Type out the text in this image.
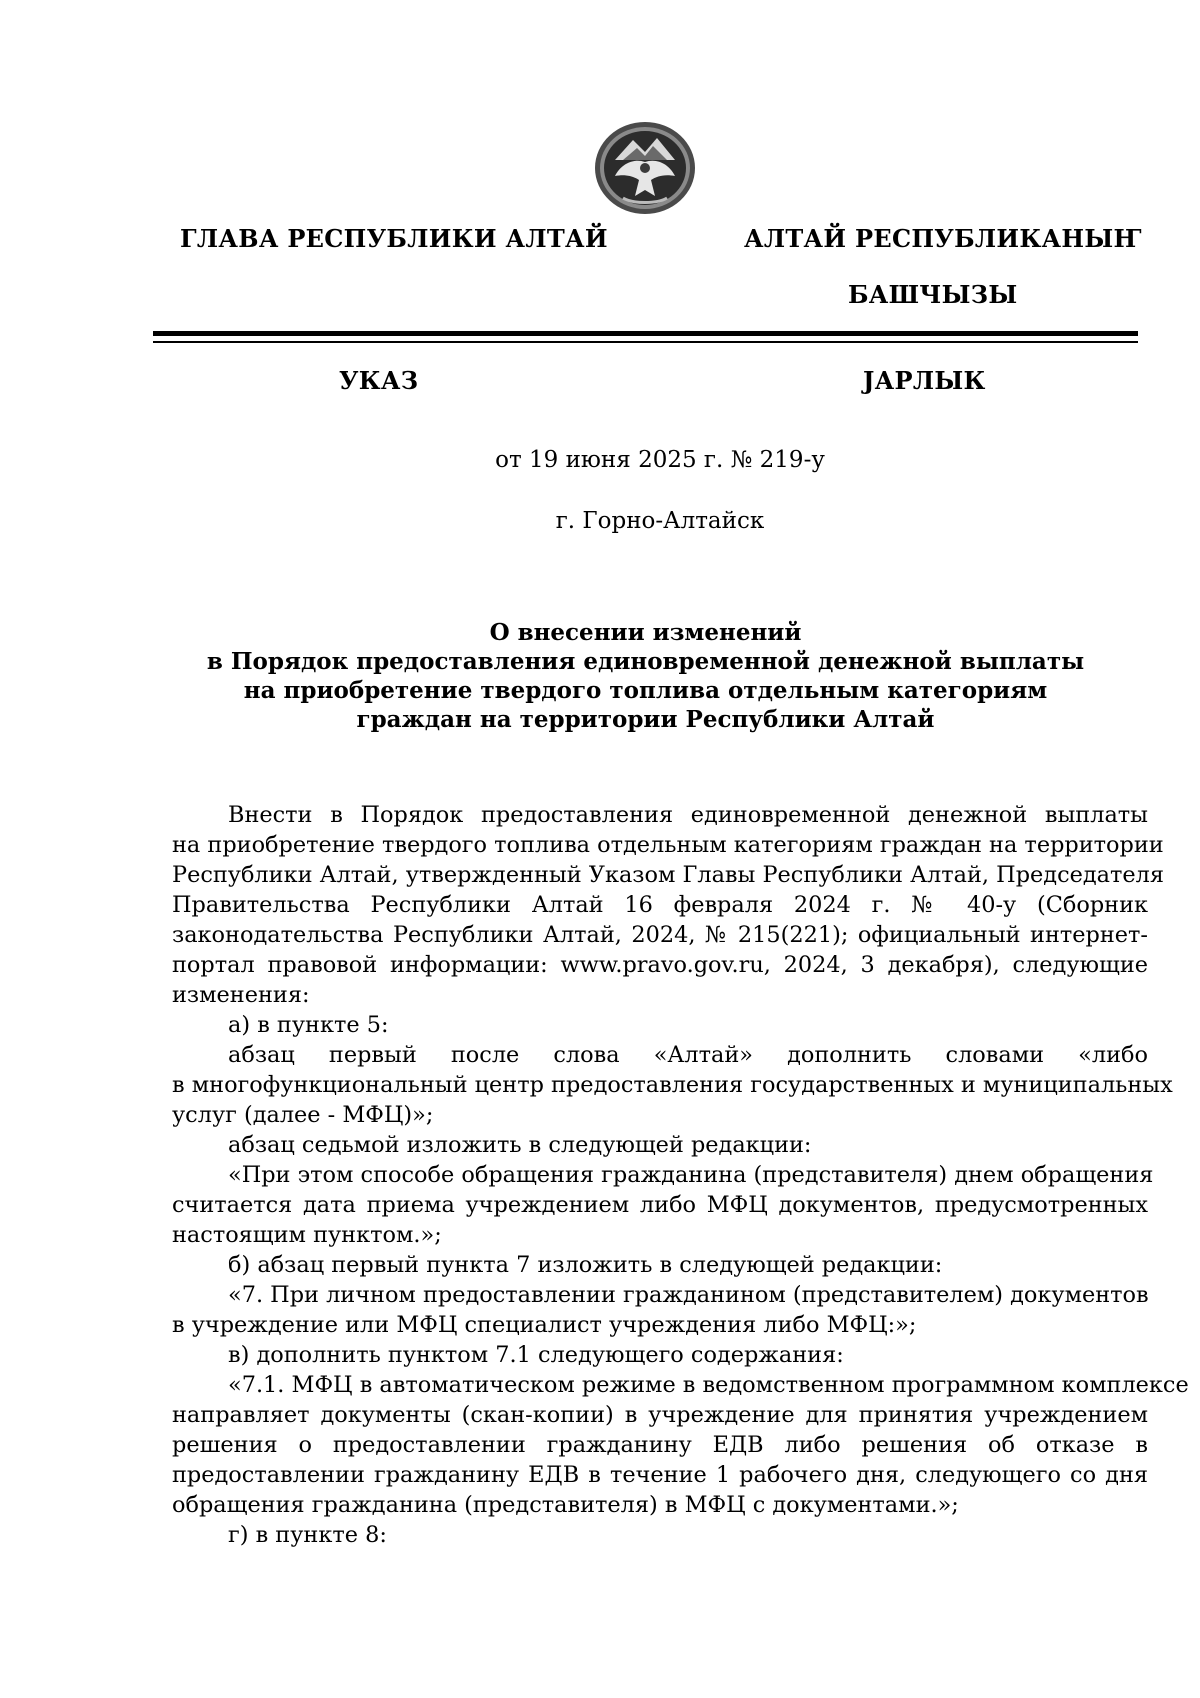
ГЛАВА РЕСПУБЛИКИ АЛТАЙ	АЛТАЙ РЕСПУБЛИКАНЫҤ
БАШЧЫЗЫ
УКАЗ	ЈАРЛЫК
от 19 июня 2025 г. № 219-у
г. Горно-Алтайск
О внесении изменений
в Порядок предоставления единовременной денежной выплаты
на приобретение твердого топлива отдельным категориям
граждан на территории Республики Алтай
Внести в Порядок предоставления единовременной денежной выплаты
на приобретение твердого топлива отдельным категориям граждан на территории
Республики Алтай, утвержденный Указом Главы Республики Алтай, Председателя
Правительства Республики Алтай 16 февраля 2024 г. № 40-у (Сборник
законодательства Республики Алтай, 2024, № 215(221); официальный интернет-
портал правовой информации: www.pravo.gov.ru, 2024, 3 декабря), следующие
изменения:
а) в пункте 5:
абзац первый после слова «Алтай» дополнить словами «либо
в многофункциональный центр предоставления государственных и муниципальных
услуг (далее - МФЦ)»;
абзац седьмой изложить в следующей редакции:
«При этом способе обращения гражданина (представителя) днем обращения
считается дата приема учреждением либо МФЦ документов, предусмотренных
настоящим пунктом.»;
б) абзац первый пункта 7 изложить в следующей редакции:
«7. При личном предоставлении гражданином (представителем) документов
в учреждение или МФЦ специалист учреждения либо МФЦ:»;
в) дополнить пунктом 7.1 следующего содержания:
«7.1. МФЦ в автоматическом режиме в ведомственном программном комплексе
направляет документы (скан-копии) в учреждение для принятия учреждением
решения о предоставлении гражданину ЕДВ либо решения об отказе в
предоставлении гражданину ЕДВ в течение 1 рабочего дня, следующего со дня
обращения гражданина (представителя) в МФЦ с документами.»;
г) в пункте 8:
